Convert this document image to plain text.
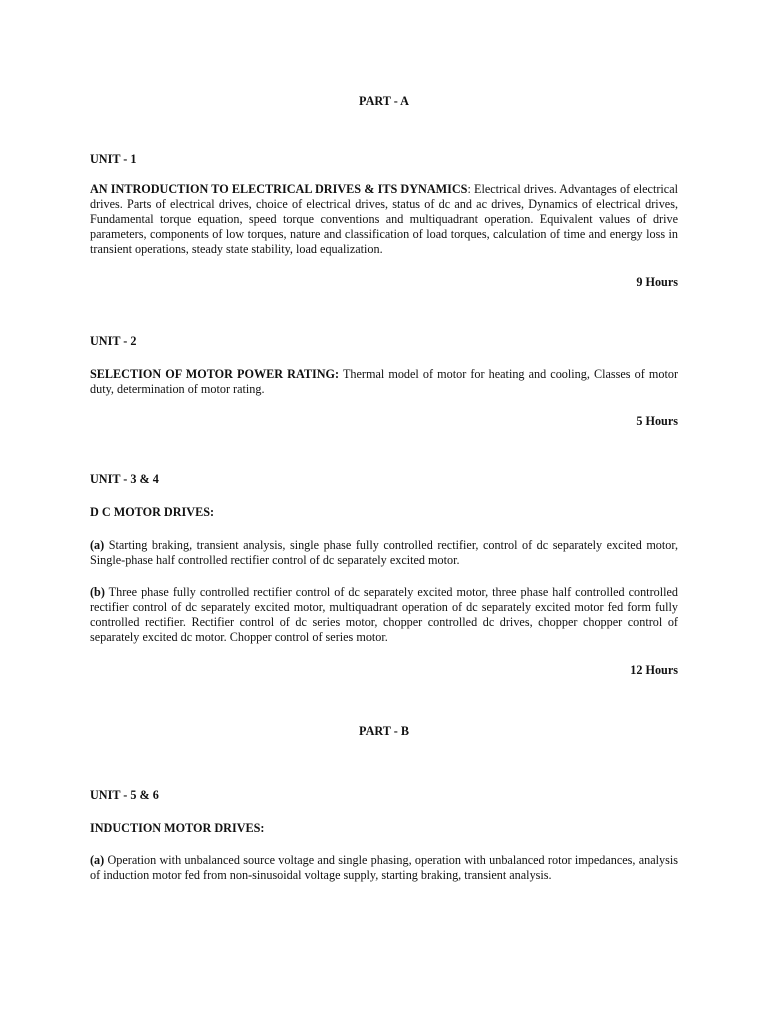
PART - A
UNIT - 1

AN INTRODUCTION TO ELECTRICAL DRIVES & ITS DYNAMICS: Electrical drives. Advantages of electrical drives. Parts of electrical drives, choice of electrical drives, status of dc and ac drives, Dynamics of electrical drives, Fundamental torque equation, speed torque conventions and multiquadrant operation. Equivalent values of drive parameters, components of low torques, nature and classification of load torques, calculation of time and energy loss in transient operations, steady state stability, load equalization.

9 Hours
UNIT - 2

SELECTION OF MOTOR POWER RATING: Thermal model of motor for heating and cooling, Classes of motor duty, determination of motor rating.

5 Hours
UNIT - 3 & 4
D C MOTOR DRIVES:

(a) Starting braking, transient analysis, single phase fully controlled rectifier, control of dc separately excited motor, Single-phase half controlled rectifier control of dc separately excited motor.

(b) Three phase fully controlled rectifier control of dc separately excited motor, three phase half controlled controlled rectifier control of dc separately excited motor, multiquadrant operation of dc separately excited motor fed form fully controlled rectifier. Rectifier control of dc series motor, chopper controlled dc drives, chopper chopper control of separately excited dc motor. Chopper control of series motor.

12 Hours
PART - B
UNIT - 5 & 6
INDUCTION MOTOR DRIVES:

(a) Operation with unbalanced source voltage and single phasing, operation with unbalanced rotor impedances, analysis of induction motor fed from non-sinusoidal voltage supply, starting braking, transient analysis.
